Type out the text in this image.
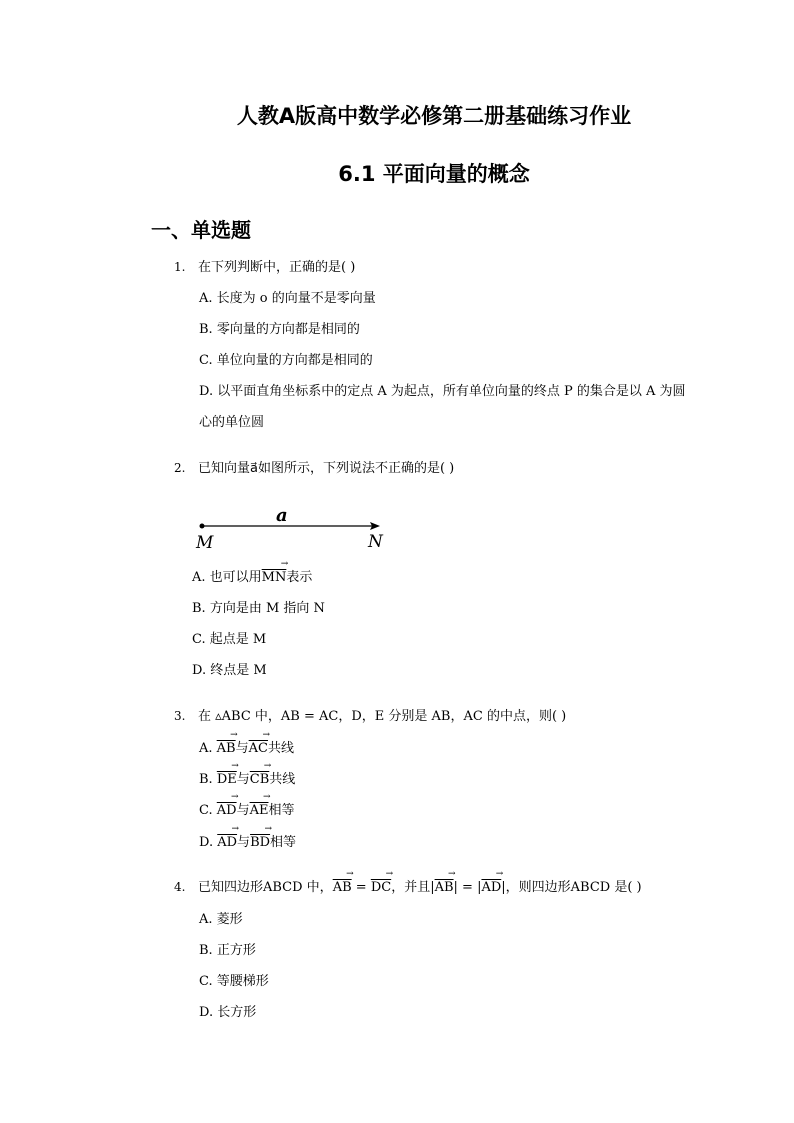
人教A版高中数学必修第二册基础练习作业
6.1 平面向量的概念
一、单选题
1. 在下列判断中，正确的是( )
A. 长度为 o 的向量不是零向量
B. 零向量的方向都是相同的
C. 单位向量的方向都是相同的
D. 以平面直角坐标系中的定点 A 为起点，所有单位向量的终点 P 的集合是以 A 为圆
心的单位圆
2. 已知向量a⃗如图所示，下列说法不正确的是( )
a
M	N
A. 也可以用$\overline{MN}$ →表示
B. 方向是由 M 指向 N
C. 起点是 M
D. 终点是 M
3. 在 ▵ABC 中，AB = AC，D，E 分别是 AB，AC 的中点，则( )
A. $\overline{AB}$ →与$\overline{AC}$ →共线
B. $\overline{DE}$ →与$\overline{CB}$ →共线
C. $\overline{AD}$ →与$\overline{AE}$ →相等
D. $\overline{AD}$ →与$\overline{BD}$ →相等
4. 已知四边形ABCD 中，$\overline{AB}$ → = $\overline{DC}$ →，并且$|\overline{AB}$ →| = $|\overline{AD}$ →|，则四边形ABCD 是( )
A. 菱形
B. 正方形
C. 等腰梯形
D. 长方形
